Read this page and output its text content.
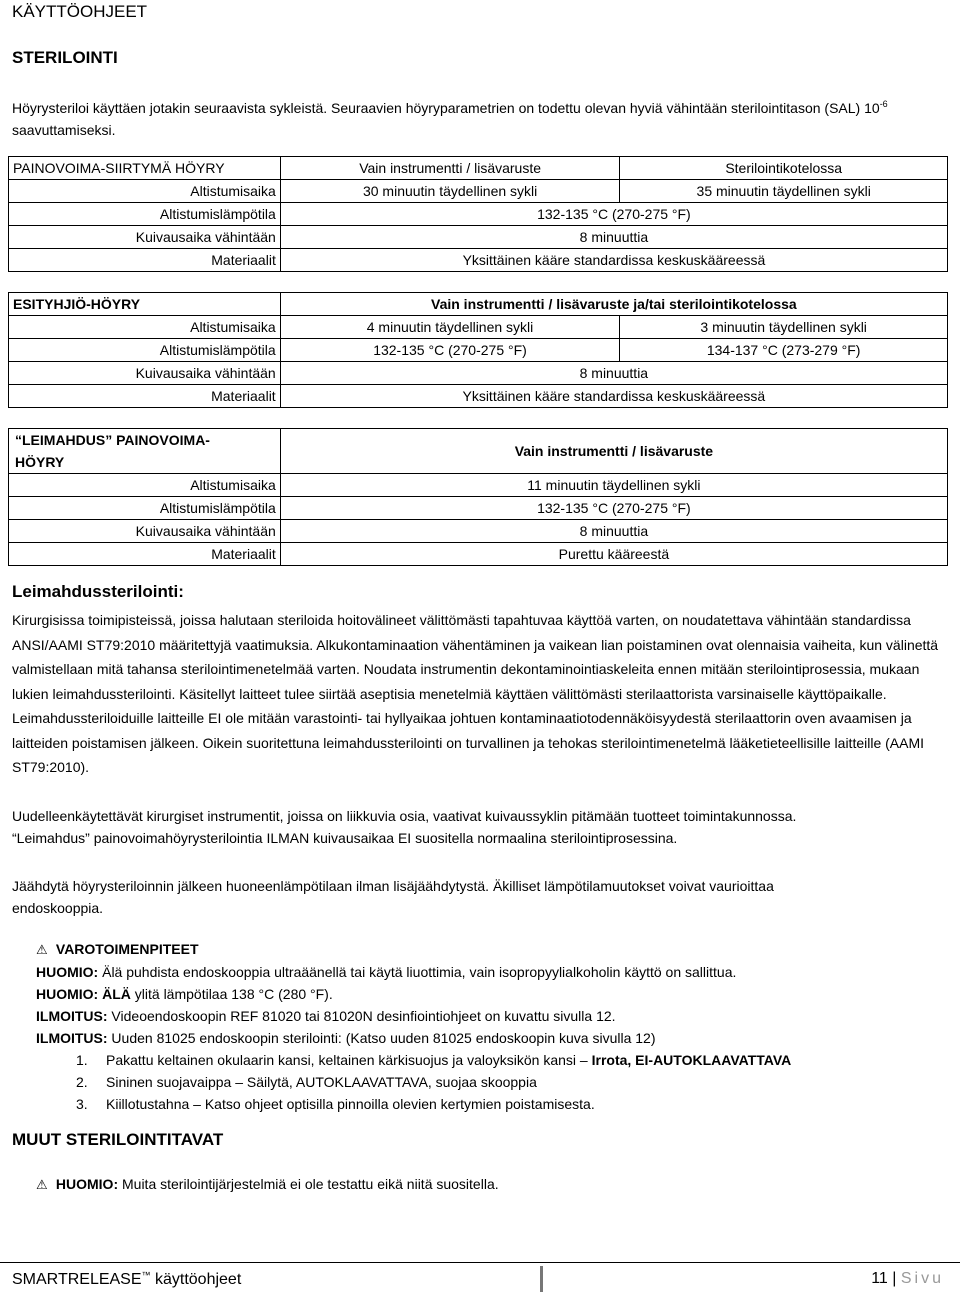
KÄYTTÖOHJEET
STERILOINTI
Höyrysteriloi käyttäen jotakin seuraavista sykleistä. Seuraavien höyryparametrien on todettu olevan hyviä vähintään sterilointitason (SAL) $10^{-6}$ saavuttamiseksi.
PAINOVOIMA-SIIRTYMÄ HÖYRY	Vain instrumentti / lisävaruste	Sterilointikotelossa
Altistumisaika	30 minuutin täydellinen sykli	35 minuutin täydellinen sykli
Altistumislämpötila	132-135 °C (270-275 °F)	
Kuivausaika vähintään	8 minuuttia	
Materiaalit	Yksittäinen kääre standardissa keskuskääreessä	
ESITYHJIÖ-HÖYRY	Vain instrumentti / lisävaruste ja/tai sterilointikotelossa	
Altistumisaika	4 minuutin täydellinen sykli	3 minuutin täydellinen sykli
Altistumislämpötila	132-135 °C (270-275 °F)	134-137 °C (273-279 °F)
Kuivausaika vähintään	8 minuuttia	
Materiaalit	Yksittäinen kääre standardissa keskuskääreessä	
“LEIMAHDUS” PAINOVOIMA-
HÖYRY	Vain instrumentti / lisävaruste
Altistumisaika	11 minuutin täydellinen sykli
Altistumislämpötila	132-135 °C (270-275 °F)
Kuivausaika vähintään	8 minuuttia
Materiaalit	Purettu kääreestä
Leimahdussterilointi:
Kirurgisissa toimipisteissä, joissa halutaan steriloida hoitovälineet välittömästi tapahtuvaa käyttöä varten, on noudatettava vähintään standardissa ANSI/AAMI ST79:2010 määritettyjä vaatimuksia. Alkukontaminaation vähentäminen ja vaikean lian poistaminen ovat olennaisia vaiheita, kun välinettä valmistellaan mitä tahansa sterilointimenetelmää varten. Noudata instrumentin dekontaminointiaskeleita ennen mitään sterilointiprosessia, mukaan lukien leimahdussterilointi. Käsitellyt laitteet tulee siirtää aseptisia menetelmiä käyttäen välittömästi sterilaattorista varsinaiselle käyttöpaikalle. Leimahdussteriloiduille laitteille EI ole mitään varastointi- tai hyllyaikaa johtuen kontaminaatiotodennäköisyydestä sterilaattorin oven avaamisen ja laitteiden poistamisen jälkeen. Oikein suoritettuna leimahdussterilointi on turvallinen ja tehokas sterilointimenetelmä lääketieteellisille laitteille (AAMI ST79:2010).
Uudelleenkäytettävät kirurgiset instrumentit, joissa on liikkuvia osia, vaativat kuivaussyklin pitämään tuotteet toimintakunnossa.
“Leimahdus” painovoimahöyrysterilointia ILMAN kuivausaikaa EI suositella normaalina sterilointiprosessina.
Jäähdytä höyrysteriloinnin jälkeen huoneenlämpötilaan ilman lisäjäähdytystä. Äkilliset lämpötilamuutokset voivat vaurioittaa endoskooppia.
⚠ VAROTOIMENPITEET
HUOMIO: Älä puhdista endoskooppia ultraäänellä tai käytä liuottimia, vain isopropyylialkoholin käyttö on sallittua.
HUOMIO: ÄLÄ ylitä lämpötilaa 138 °C (280 °F).
ILMOITUS: Videoendoskoopin REF 81020 tai 81020N desinfiointiohjeet on kuvattu sivulla 12.
ILMOITUS: Uuden 81025 endoskoopin sterilointi: (Katso uuden 81025 endoskoopin kuva sivulla 12)
1. Pakattu keltainen okulaarin kansi, keltainen kärkisuojus ja valoyksikön kansi – Irrota, EI-AUTOKLAAVATTAVA
2. Sininen suojavaippa – Säilytä, AUTOKLAAVATTAVA, suojaa skooppia
3. Kiillotustahna – Katso ohjeet optisilla pinnoilla olevien kertymien poistamisesta.
MUUT STERILOINTITAVAT
⚠ HUOMIO: Muita sterilointijärjestelmiä ei ole testattu eikä niitä suositella.
SMARTRELEASE™ käyttöohjeet	11 | Sivu
